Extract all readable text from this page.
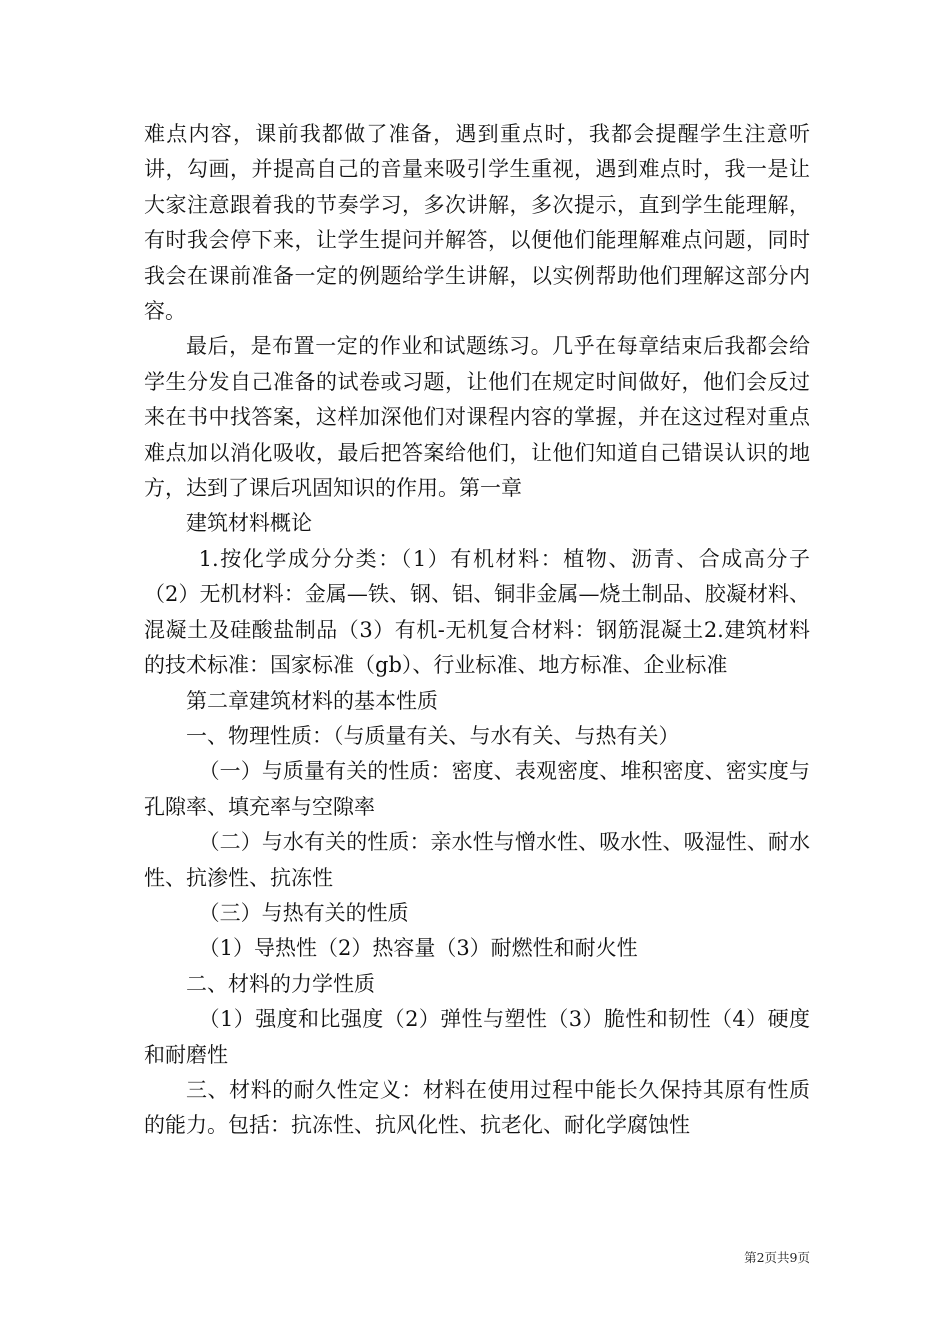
难点内容，课前我都做了准备，遇到重点时，我都会提醒学生注意听讲，勾画，并提高自己的音量来吸引学生重视，遇到难点时，我一是让大家注意跟着我的节奏学习，多次讲解，多次提示，直到学生能理解，有时我会停下来，让学生提问并解答，以便他们能理解难点问题，同时我会在课前准备一定的例题给学生讲解，以实例帮助他们理解这部分内容。

最后，是布置一定的作业和试题练习。几乎在每章结束后我都会给学生分发自己准备的试卷或习题，让他们在规定时间做好，他们会反过来在书中找答案，这样加深他们对课程内容的掌握，并在这过程对重点难点加以消化吸收，最后把答案给他们，让他们知道自己错误认识的地方，达到了课后巩固知识的作用。第一章

建筑材料概论

1.按化学成分分类：（1）有机材料：植物、沥青、合成高分子（2）无机材料：金属—铁、钢、铝、铜非金属—烧土制品、胶凝材料、混凝土及硅酸盐制品（3）有机-无机复合材料：钢筋混凝土2.建筑材料的技术标准：国家标准（gb）、行业标准、地方标准、企业标准

第二章建筑材料的基本性质

一、物理性质：（与质量有关、与水有关、与热有关）

（一）与质量有关的性质：密度、表观密度、堆积密度、密实度与孔隙率、填充率与空隙率

（二）与水有关的性质：亲水性与憎水性、吸水性、吸湿性、耐水性、抗渗性、抗冻性

（三）与热有关的性质

（1）导热性（2）热容量（3）耐燃性和耐火性

二、材料的力学性质

（1）强度和比强度（2）弹性与塑性（3）脆性和韧性（4）硬度和耐磨性

三、材料的耐久性定义：材料在使用过程中能长久保持其原有性质的能力。包括：抗冻性、抗风化性、抗老化、耐化学腐蚀性

第2页共9页
